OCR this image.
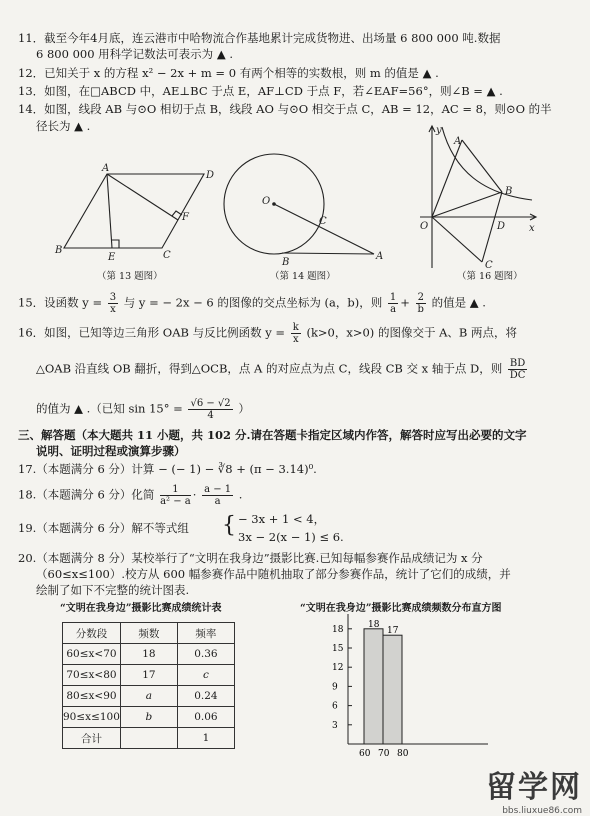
11．截至今年4月底，连云港市中哈物流合作基地累计完成货物进、出场量 6 800 000 吨.数据
6 800 000 用科学记数法可表示为 ▲ .
12．已知关于 x 的方程 x² − 2x + m = 0 有两个相等的实数根，则 m 的值是 ▲ .
13．如图，在□ABCD 中，AE⊥BC 于点 E，AF⊥CD 于点 F，若∠EAF=56°，则∠B = ▲ .
14．如图，线段 AB 与⊙O 相切于点 B，线段 AO 与⊙O 相交于点 C，AB = 12，AC = 8，则⊙O 的半
径长为 ▲ .
A
D
B	C
E
F
（第 13 题图）
O
C
B
A
（第 14 题图）
y
A
B
O	D x
C
（第 16 题图）
15．设函数 $y = \frac{3}{x}$ 与 y = − 2x − 6 的图像的交点坐标为 (a，b)，则 $\frac{1}{a} + \frac{2}{b}$ 的值是 ▲ .
16．如图，已知等边三角形 OAB 与反比例函数 $y = \frac{k}{x} (k>0$，x>0) 的图像交于 A、B 两点，将
△OAB 沿直线 OB 翻折，得到△OCB，点 A 的对应点为点 C，线段 CB 交 x 轴于点 D，则 $\frac{BD}{DC}$
的值为 ▲ .（已知 $\sin 15^\circ = \frac{√6 - √2}{4}$ ）
三、解答题（本大题共 11 小题，共 102 分.请在答题卡指定区域内作答，解答时应写出必要的文字
说明、证明过程或演算步骤）
17.（本题满分 6 分）计算 − (− 1) − ∛8 + (π − 3.14)⁰.
18.（本题满分 6 分）化简 $\frac{1}{\text{a² − a}} \cdot \frac{a - 1}{a}$ .
19.（本题满分 6 分）解不等式组 { − 3x + 1 < 4，
3x − 2(x − 1) ≤ 6.
20.（本题满分 8 分）某校举行了“文明在我身边”摄影比赛.已知每幅参赛作品成绩记为 x 分
（60≤x≤100）.校方从 600 幅参赛作品中随机抽取了部分参赛作品，统计了它们的成绩，并
绘制了如下不完整的统计图表.
“文明在我身边”摄影比赛成绩统计表
分数段	频数	频率
60≤x<70	18	0.36
70≤x<80	17	c
80≤x<90	a	0.24
90≤x≤100	b	0.06
合计		1
“文明在我身边”摄影比赛成绩频数分布直方图
3
6
9
12
15
18
60 70 80
18
17
留学网
bbs.liuxue86.com
